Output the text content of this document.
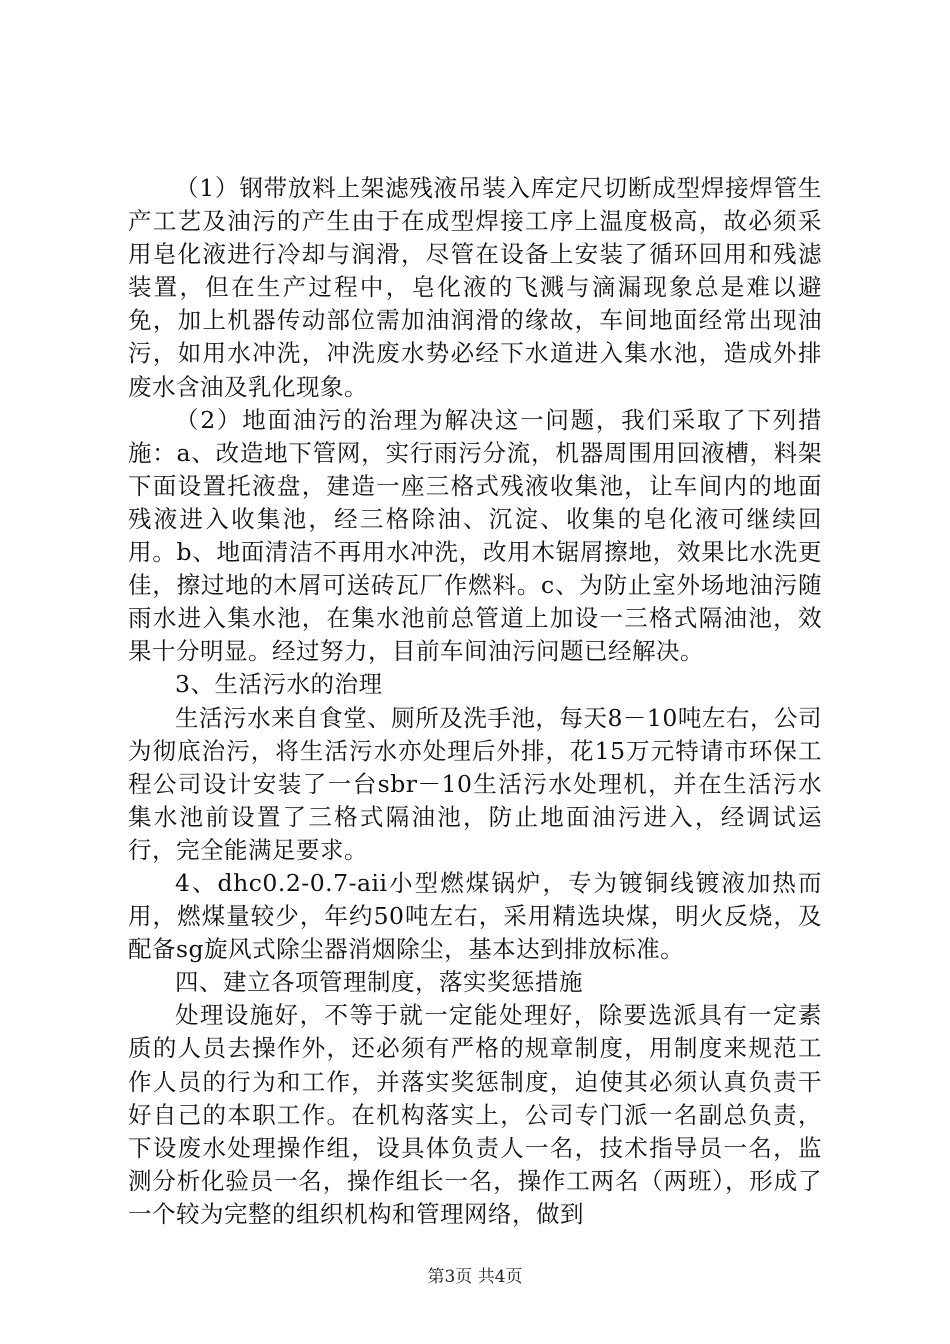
（1）钢带放料上架滤残液吊装入库定尺切断成型焊接焊管生产工艺及油污的产生由于在成型焊接工序上温度极高，故必须采用皂化液进行冷却与润滑，尽管在设备上安装了循环回用和残滤装置，但在生产过程中，皂化液的飞溅与滴漏现象总是难以避免，加上机器传动部位需加油润滑的缘故，车间地面经常出现油污，如用水冲洗，冲洗废水势必经下水道进入集水池，造成外排废水含油及乳化现象。

（2）地面油污的治理为解决这一问题，我们采取了下列措施：a、改造地下管网，实行雨污分流，机器周围用回液槽，料架下面设置托液盘，建造一座三格式残液收集池，让车间内的地面残液进入收集池，经三格除油、沉淀、收集的皂化液可继续回用。b、地面清洁不再用水冲洗，改用木锯屑擦地，效果比水洗更佳，擦过地的木屑可送砖瓦厂作燃料。c、为防止室外场地油污随雨水进入集水池，在集水池前总管道上加设一三格式隔油池，效果十分明显。经过努力，目前车间油污问题已经解决。

3、生活污水的治理

生活污水来自食堂、厕所及洗手池，每天8－10吨左右，公司为彻底治污，将生活污水亦处理后外排，花15万元特请市环保工程公司设计安装了一台sbr－10生活污水处理机，并在生活污水集水池前设置了三格式隔油池，防止地面油污进入，经调试运行，完全能满足要求。

4、dhc0.2-0.7-aii小型燃煤锅炉，专为镀铜线镀液加热而用，燃煤量较少，年约50吨左右，采用精选块煤，明火反烧，及配备sg旋风式除尘器消烟除尘，基本达到排放标准。

四、建立各项管理制度，落实奖惩措施

处理设施好，不等于就一定能处理好，除要选派具有一定素质的人员去操作外，还必须有严格的规章制度，用制度来规范工作人员的行为和工作，并落实奖惩制度，迫使其必须认真负责干好自己的本职工作。在机构落实上，公司专门派一名副总负责，下设废水处理操作组，设具体负责人一名，技术指导员一名，监测分析化验员一名，操作组长一名，操作工两名（两班），形成了一个较为完整的组织机构和管理网络，做到

第3页 共4页
